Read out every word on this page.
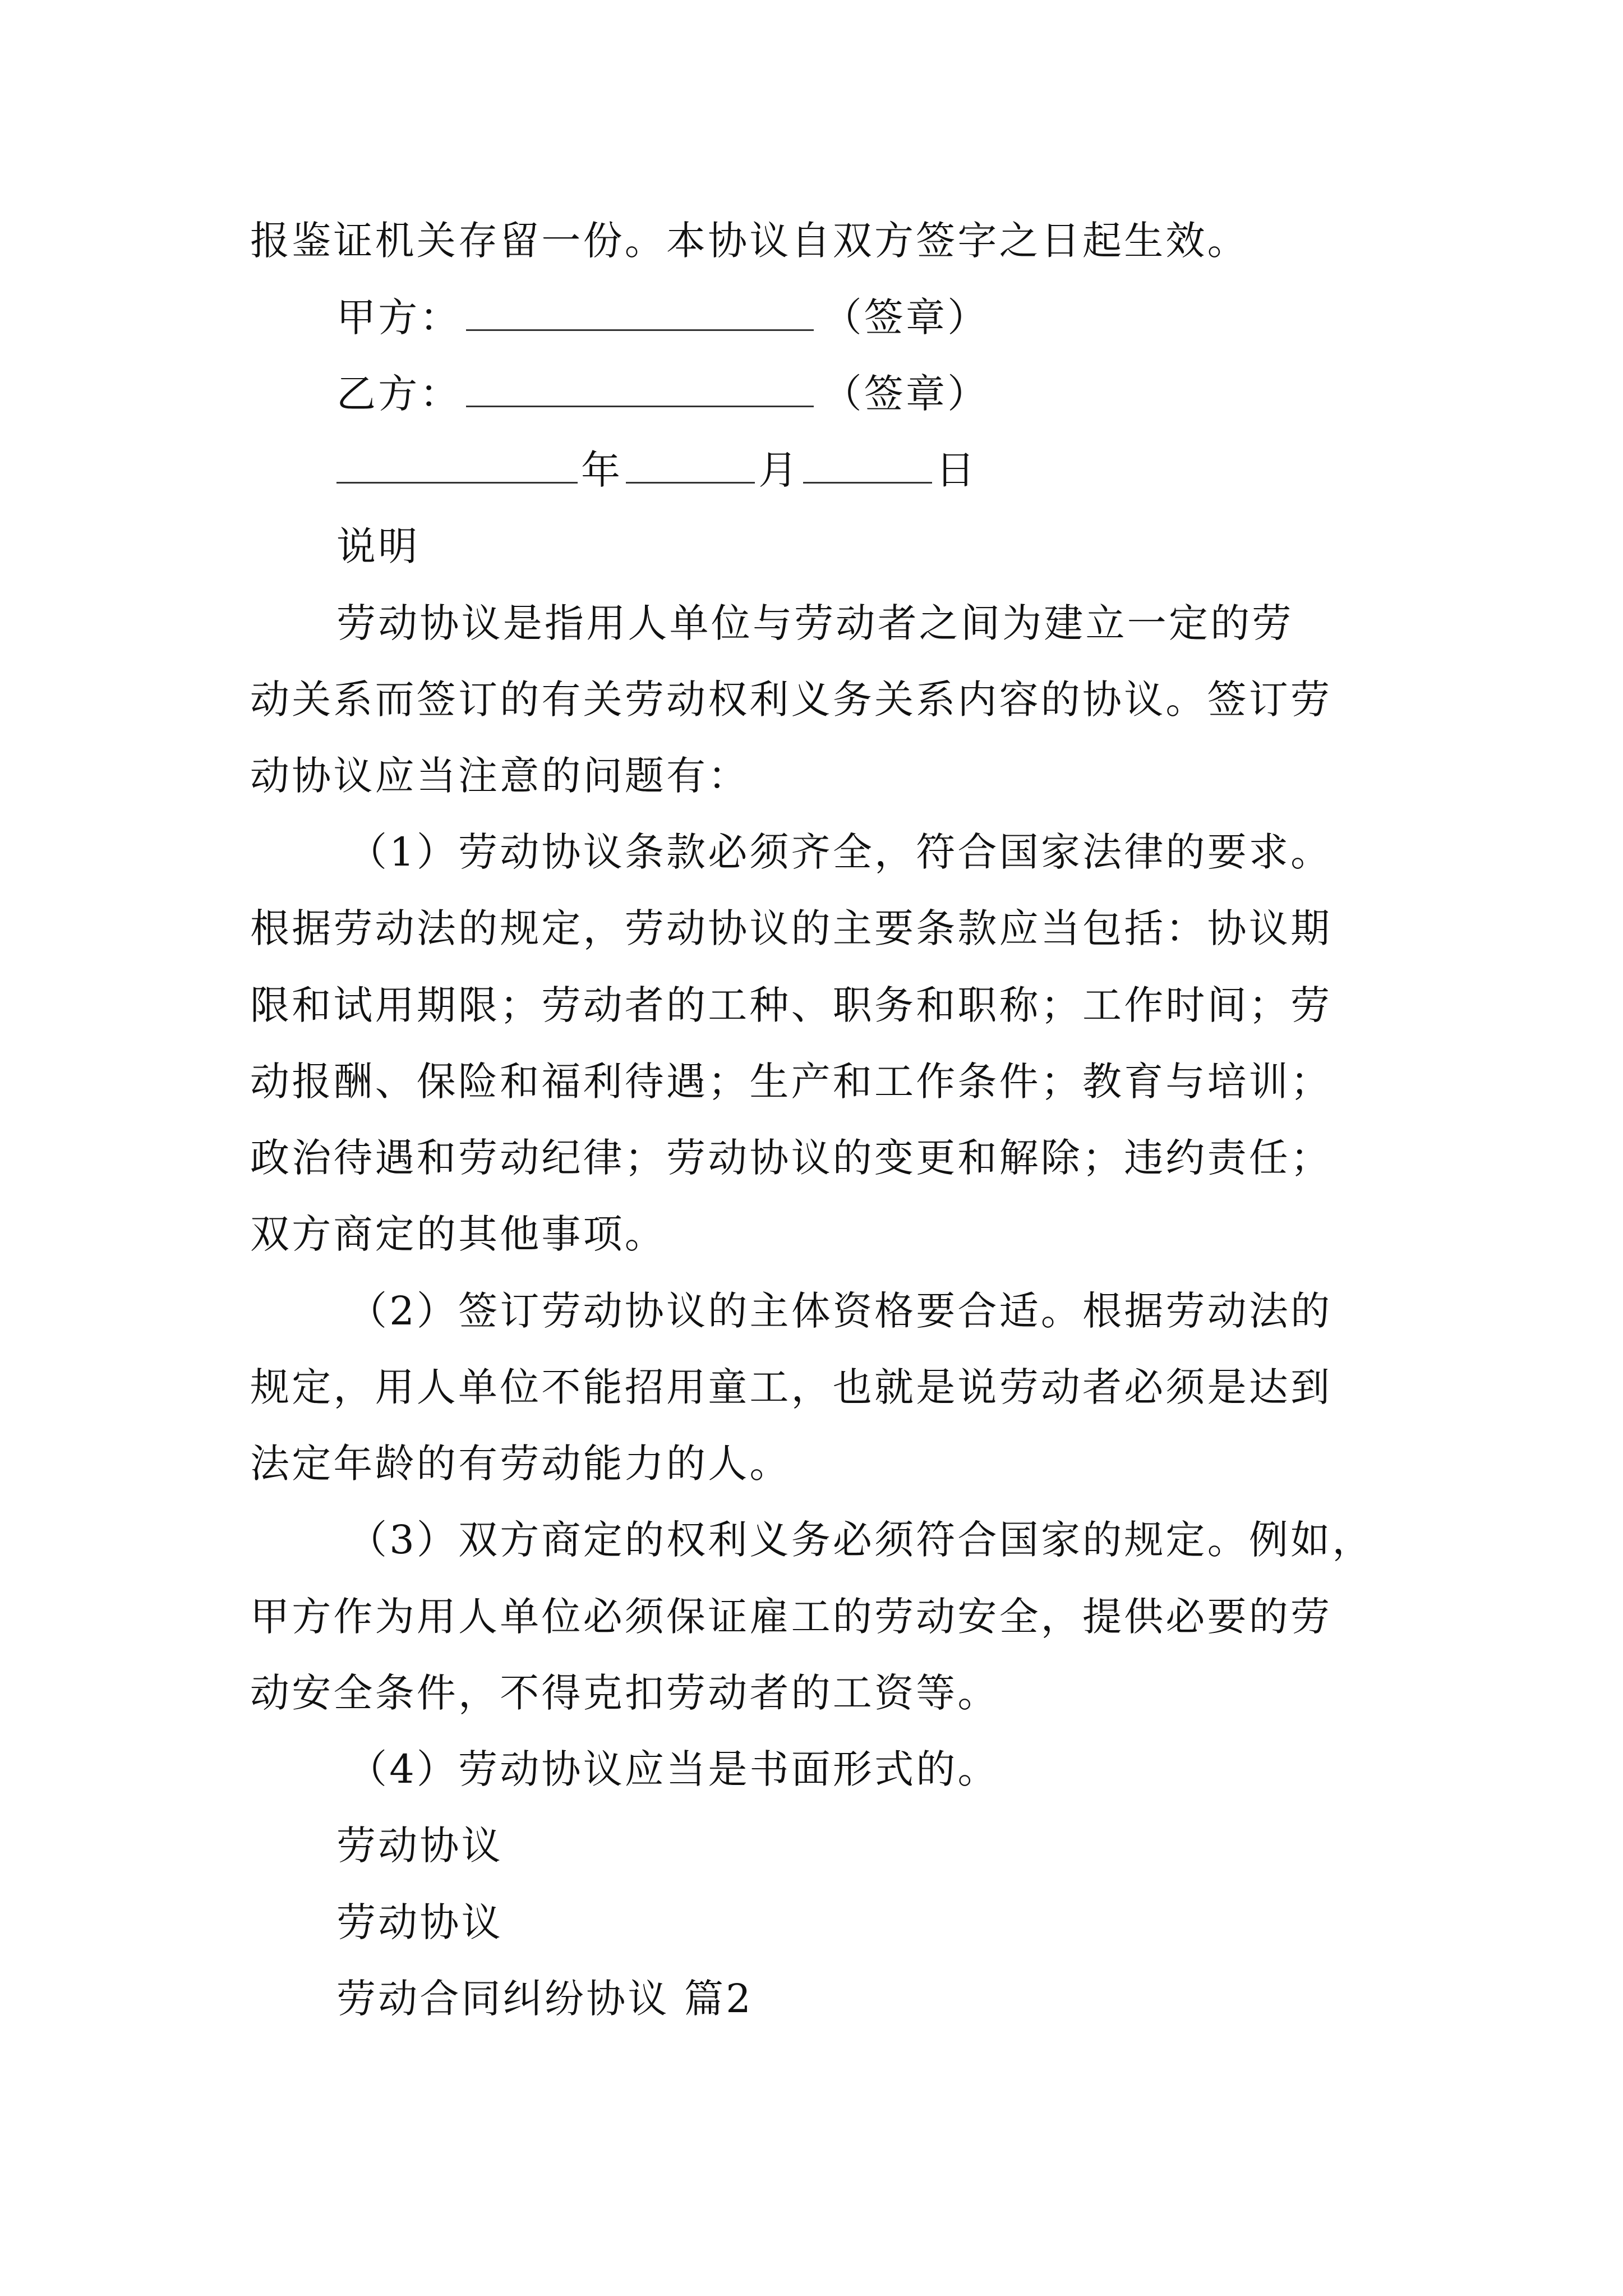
报鉴证机关存留一份。本协议自双方签字之日起生效。
甲方：	（签章）
乙方：	（签章）
年	月	日
说明
劳动协议是指用人单位与劳动者之间为建立一定的劳
动关系而签订的有关劳动权利义务关系内容的协议。签订劳
动协议应当注意的问题有：
（1）劳动协议条款必须齐全，符合国家法律的要求。
根据劳动法的规定，劳动协议的主要条款应当包括：协议期
限和试用期限；劳动者的工种、职务和职称；工作时间；劳
动报酬、保险和福利待遇；生产和工作条件；教育与培训；
政治待遇和劳动纪律；劳动协议的变更和解除；违约责任；
双方商定的其他事项。
（2）签订劳动协议的主体资格要合适。根据劳动法的
规定，用人单位不能招用童工，也就是说劳动者必须是达到
法定年龄的有劳动能力的人。
（3）双方商定的权利义务必须符合国家的规定。例如，
甲方作为用人单位必须保证雇工的劳动安全，提供必要的劳
动安全条件，不得克扣劳动者的工资等。
（4）劳动协议应当是书面形式的。
劳动协议
劳动协议
劳动合同纠纷协议 篇2
